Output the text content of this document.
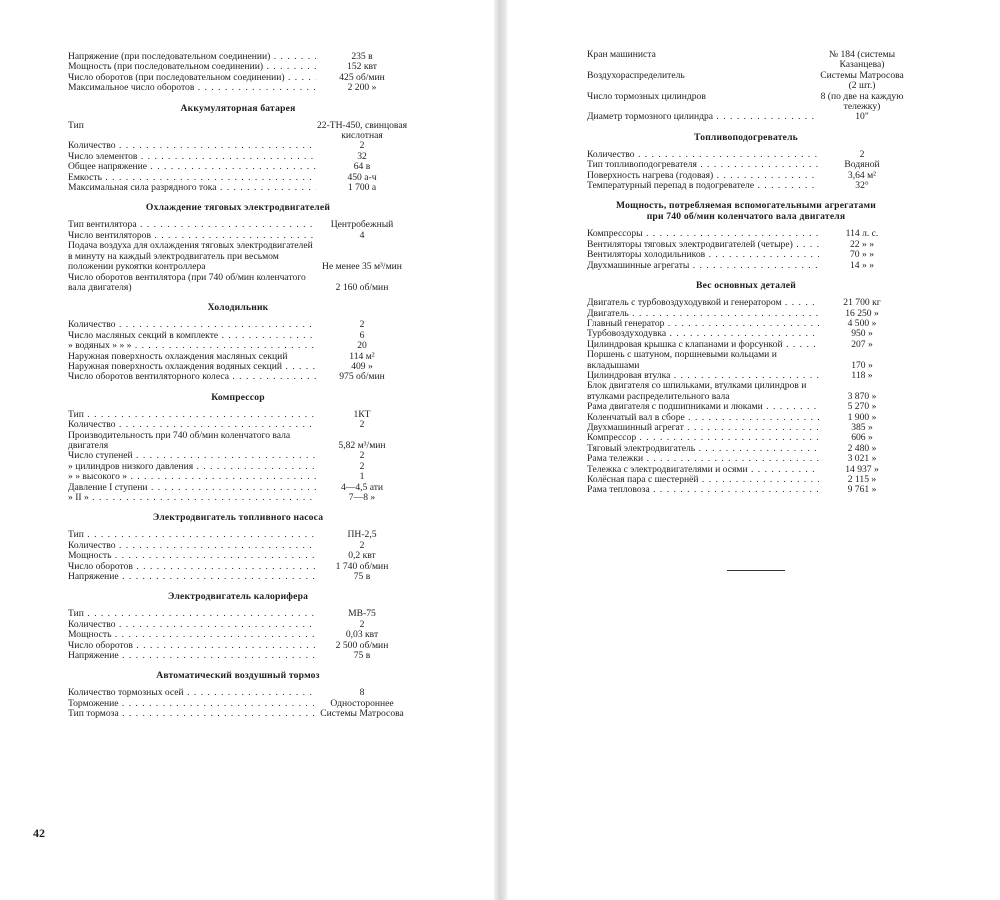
Напряжение (при последовательном соединении) . . .	235 в
Мощность (при последовательном соединении) . . .	152 квт
Число оборотов (при последовательном соединении) . . .	425 об/мин
Максимальное число оборотов . . .	2 200 »
Аккумуляторная батарея
Тип	22-ТН-450, свинцовая кислотная
Количество . . .	2
Число элементов . . .	32
Общее напряжение . . .	64 в
Емкость . . .	450 а-ч
Максимальная сила разрядного тока . . .	1 700 а
Охлаждение тяговых электродвигателей
Тип вентилятора . . .	Центробежный
Число вентиляторов . . .	4
Подача воздуха для охлаждения тяговых электродвигателей в минуту на каждый электродвигатель при весьмом положении рукоятки контроллера	Не менее 35 м³/мин
Число оборотов вентилятора (при 740 об/мин коленчатого вала двигателя)	2 160 об/мин
Холодильник
Количество . . .	2
Число масляных секций в комплекте . . .	6
» водяных » » » . . .	20
Наружная поверхность охлаждения масляных секций	114 м²
Наружная поверхность охлаждения водяных секций . . .	409 »
Число оборотов вентиляторного колеса . . .	975 об/мин
Компрессор
Тип . . .	1КТ
Количество . . .	2
Производительность при 740 об/мин коленчатого вала двигателя	5,82 м³/мин
Число ступеней . . .	2
» цилиндров низкого давления . . .	2
» » высокого » . . .	1
Давление I ступени . . .	4—4,5 ати
» II » . . .	7—8 »
Электродвигатель топливного насоса
Тип . . .	ПН-2,5
Количество . . .	2
Мощность . . .	0,2 квт
Число оборотов . . .	1 740 об/мин
Напряжение . . .	75 в
Электродвигатель калорифера
Тип . . .	МВ-75
Количество . . .	2
Мощность . . .	0,03 квт
Число оборотов . . .	2 500 об/мин
Напряжение . . .	75 в
Автоматический воздушный тормоз
Количество тормозных осей . . .	8
Торможение . . .	Одностороннее
Тип тормоза . . .	Системы Матросова
42
Кран машиниста	№ 184 (системы Казанцева)
Воздухораспределитель	Системы Матросова (2 шт.)
Число тормозных цилиндров	8 (по две на каждую тележку)
Диаметр тормозного цилиндра . . .	10"
Топливоподогреватель
Количество . . .	2
Тип топливоподогревателя . . .	Водяной
Поверхность нагрева (годовая) . . .	3,64 м²
Температурный перепад в подогревателе . . .	32°
Мощность, потребляемая вспомогательными агрегатами
при 740 об/мин коленчатого вала двигателя
Компрессоры . . .	114 л. с.
Вентиляторы тяговых электродвигателей (четыре) . . .	22 » »
Вентиляторы холодильников . . .	70 » »
Двухмашинные агрегаты . . .	14 » »
Вес основных деталей
Двигатель с турбовоздуходувкой и генератором . . .	21 700 кг
Двигатель . . .	16 250 »
Главный генератор . . .	4 500 »
Турбовоздуходувка . . .	950 »
Цилиндровая крышка с клапанами и форсункой . . .	207 »
Поршень с шатуном, поршневыми кольцами и вкладышами	170 »
Цилиндровая втулка . . .	118 »
Блок двигателя со шпильками, втулками цилиндров и втулками распределительного вала	3 870 »
Рама двигателя с подшипниками и люками . . .	5 270 »
Коленчатый вал в сборе . . .	1 900 »
Двухмашинный агрегат . . .	385 »
Компрессор . . .	606 »
Тяговый электродвигатель . . .	2 480 »
Рама тележки . . .	3 021 »
Тележка с электродвигателями и осями . . .	14 937 »
Колёсная пара с шестернёй . . .	2 115 »
Рама тепловоза . . .	9 761 »
